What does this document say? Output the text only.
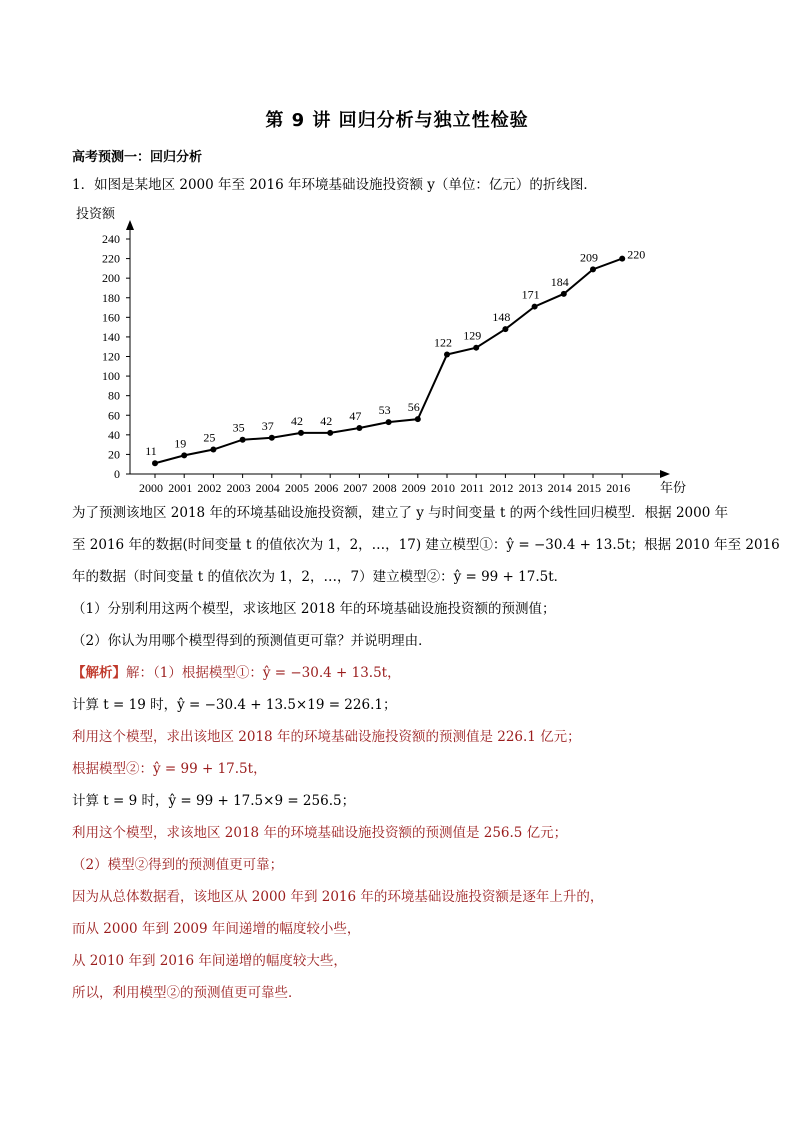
第 9 讲 回归分析与独立性检验
高考预测一：回归分析
1．如图是某地区 2000 年至 2016 年环境基础设施投资额 y（单位：亿元）的折线图．
投资额
年份
0
20
40
60
80
100
120
140
160
180
200
220
240
2000 2001 2002 2003 2004 2005 2006 2007 2008 2009 2010 2011 2012 2013 2014 2015 2016
11
19 25
35 37 42 42 47 53 56
122 129
148
171
184
209 220
为了预测该地区 2018 年的环境基础设施投资额，建立了 y 与时间变量 t 的两个线性回归模型．根据 2000 年
至 2016 年的数据(时间变量 t 的值依次为 1，2，…，17) 建立模型①：ŷ = −30.4 + 13.5t；根据 2010 年至 2016
年的数据（时间变量 t 的值依次为 1，2，…，7）建立模型②：ŷ = 99 + 17.5t．
（1）分别利用这两个模型，求该地区 2018 年的环境基础设施投资额的预测值；
（2）你认为用哪个模型得到的预测值更可靠？并说明理由．
【解析】解：（1）根据模型①：ŷ = −30.4 + 13.5t，
计算 t = 19 时，ŷ = −30.4 + 13.5×19 = 226.1；
利用这个模型，求出该地区 2018 年的环境基础设施投资额的预测值是 226.1 亿元；
根据模型②：ŷ = 99 + 17.5t，
计算 t = 9 时，ŷ = 99 + 17.5×9 = 256.5；
利用这个模型，求该地区 2018 年的环境基础设施投资额的预测值是 256.5 亿元；
（2）模型②得到的预测值更可靠；
因为从总体数据看，该地区从 2000 年到 2016 年的环境基础设施投资额是逐年上升的，
而从 2000 年到 2009 年间递增的幅度较小些，
从 2010 年到 2016 年间递增的幅度较大些，
所以，利用模型②的预测值更可靠些．
